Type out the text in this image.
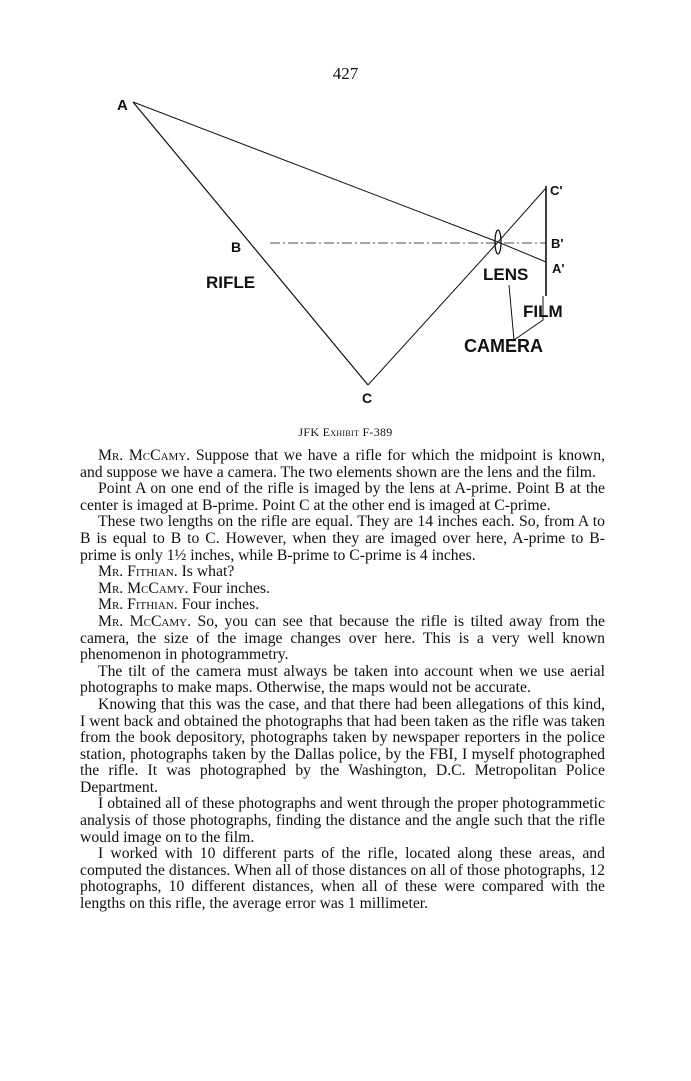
427
A
B
C
C'
B'
A'
RIFLE	LENS
FILM
CAMERA
JFK Exhibit F-389

Mr. McCamy. Suppose that we have a rifle for which the midpoint is known, and suppose we have a camera. The two elements shown are the lens and the film.

Point A on one end of the rifle is imaged by the lens at A-prime. Point B at the center is imaged at B-prime. Point C at the other end is imaged at C-prime.

These two lengths on the rifle are equal. They are 14 inches each. So, from A to B is equal to B to C. However, when they are imaged over here, A-prime to B-prime is only 1½ inches, while B-prime to C-prime is 4 inches.

Mr. Fithian. Is what?

Mr. McCamy. Four inches.

Mr. Fithian. Four inches.

Mr. McCamy. So, you can see that because the rifle is tilted away from the camera, the size of the image changes over here. This is a very well known phenomenon in photogrammetry.

The tilt of the camera must always be taken into account when we use aerial photographs to make maps. Otherwise, the maps would not be accurate.

Knowing that this was the case, and that there had been allegations of this kind, I went back and obtained the photographs that had been taken as the rifle was taken from the book depository, photographs taken by newspaper reporters in the police station, photographs taken by the Dallas police, by the FBI, I myself photographed the rifle. It was photographed by the Washington, D.C. Metropolitan Police Department.

I obtained all of these photographs and went through the proper photogrammetic analysis of those photographs, finding the distance and the angle such that the rifle would image on to the film.

I worked with 10 different parts of the rifle, located along these areas, and computed the distances. When all of those distances on all of those photographs, 12 photographs, 10 different distances, when all of these were compared with the lengths on this rifle, the average error was 1 millimeter.
